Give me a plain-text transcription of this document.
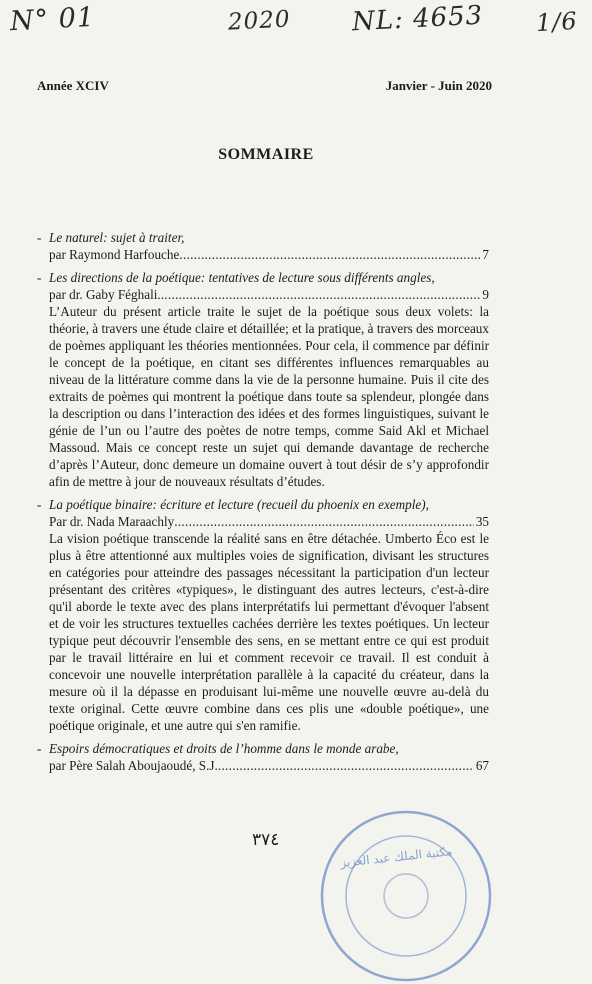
N° 01	2020 NL: 4653 1/6
Année XCIV	Janvier - Juin 2020
SOMMAIRE
- Le naturel: sujet à traiter,
par Raymond Harfouche . . .	7
- Les directions de la poétique: tentatives de lecture sous différents angles,
par dr. Gaby Féghali. . . .	9
L’Auteur du présent article traite le sujet de la poétique sous deux volets: la théorie, à travers une étude claire et détaillée; et la pratique, à travers des morceaux de poèmes appliquant les théories mentionnées. Pour cela, il commence par définir le concept de la poétique, en citant ses différentes influences remarquables au niveau de la littérature comme dans la vie de la personne humaine. Puis il cite des extraits de poèmes qui montrent la poétique dans toute sa splendeur, plongée dans la description ou dans l’interaction des idées et des formes linguistiques, suivant le génie de l’un ou l’autre des poètes de notre temps, comme Said Akl et Michael Massoud. Mais ce concept reste un sujet qui demande davantage de recherche d’après l’Auteur, donc demeure un domaine ouvert à tout désir de s’y approfondir afin de mettre à jour de nouveaux résultats d’études.
- La poétique binaire: écriture et lecture (recueil du phoenix en exemple),
Par dr. Nada Maraachly . . .	35
La vision poétique transcende la réalité sans en être détachée. Umberto Éco est le plus à être attentionné aux multiples voies de signification, divisant les structures en catégories pour atteindre des passages nécessitant la participation d'un lecteur présentant des critères «typiques», le distinguant des autres lecteurs, c'est-à-dire qu'il aborde le texte avec des plans interprétatifs lui permettant d'évoquer l'absent et de voir les structures textuelles cachées derrière les textes poétiques. Un lecteur typique peut découvrir l'ensemble des sens, en se mettant entre ce qui est produit par le travail littéraire en lui et comment recevoir ce travail. Il est conduit à concevoir une nouvelle interprétation parallèle à la capacité du créateur, dans la mesure où il la dépasse en produisant lui-même une nouvelle œuvre au-delà du texte original. Cette œuvre combine dans ces plis une «double poétique», une poétique originale, et une autre qui s'en ramifie.
- Espoirs démocratiques et droits de l’homme dans le monde arabe,
par Père Salah Aboujaoudé, S.J. . . .	67
٣٧٤
مكتبة الملك عبد العزيز
